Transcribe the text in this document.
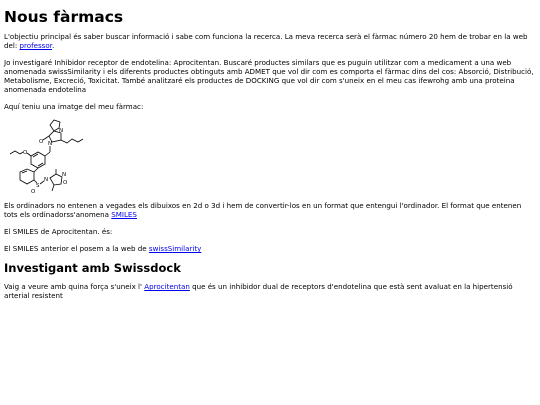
Nous fàrmacs

L'objectiu principal és saber buscar informació i sabe com funciona la recerca. La meva recerca serà el fàrmac número 20 hem de trobar en la web del: professor.

Jo investigaré Inhibidor receptor de endotelina: Aprocitentan. Buscaré productes similars que es puguin utilitzar com a medicament a una web anomenada swissSimilarity i els diferents productes obtinguts amb ADMET que vol dir com es comporta el fàrmac dins del cos: Absorció, Distribució, Metabolisme, Excreció, Toxicitat. També analitzaré els productes de DOCKING que vol dir com s'uneix en el meu cas ifewrohg amb una proteina anomenada endotelina

Aquí teniu una imatge del meu fàrmac:

O
N
N
O
S
O
N
N
O

Els ordinadors no entenen a vegades els dibuixos en 2d o 3d i hem de convertir-los en un format que entengui l'ordinador. El format que entenen tots els ordinadorss'anomena SMILES

El SMILES de Aprocitentan. és:

El SMILES anterior el posem a la web de swissSimilarity

Investigant amb Swissdock

Vaig a veure amb quina força s'uneix l' Aprocitentan que és un inhibidor dual de receptors d'endotelina que està sent avaluat en la hipertensió arterial resistent
